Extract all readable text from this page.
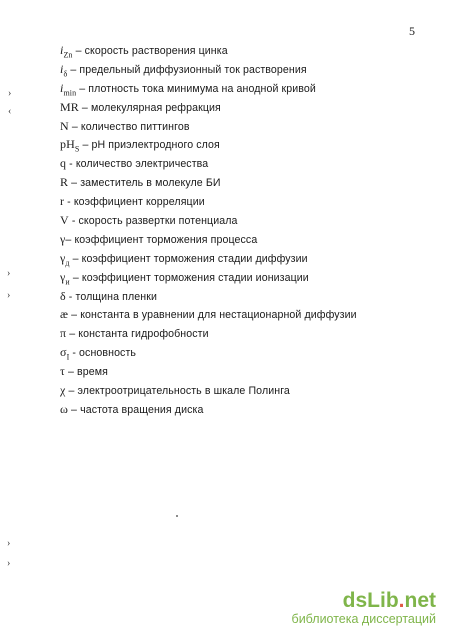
5
›
‹
›
›
›
›
$i_{Zn}$ – скорость растворения цинка
$i_\delta$ – предельный диффузионный ток растворения
$i_{min}$ – плотность тока минимума на анодной кривой
MR – молекулярная рефракция
N – количество питтингов
$pH_S$ – pH приэлектродного слоя
q - количество электричества
R – заместитель в молекуле БИ
r - коэффициент корреляции
V - скорость развертки потенциала
γ– коэффициент торможения процесса
$\gamma_д$ – коэффициент торможения стадии диффузии
$\gamma_и$ – коэффициент торможения стадии ионизации
δ - толщина пленки
æ – константа в уравнении для нестационарной диффузии
π – константа гидрофобности
$\sigma_I$ - основность
τ – время
χ – электроотрицательность в шкале Полинга
ω – частота вращения диска
dsLib.net
библиотека диссертаций
